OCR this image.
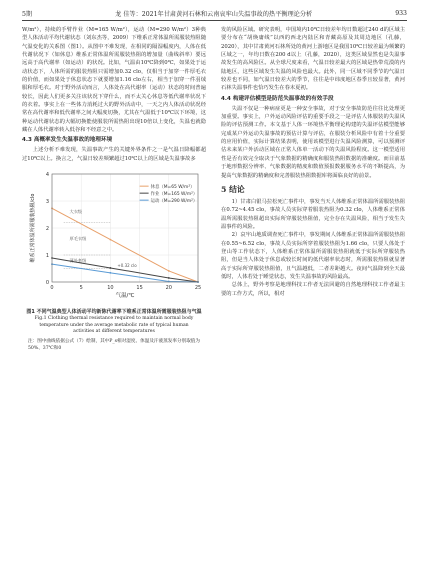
5期	龙 佳等：2021年甘肃黄河石林和云南哀牢山失温事故的热平衡理论分析	933

W/m²），持续的手臂作业（M=165 W/m²），运动（M=290 W/m²）3种典型人体活动平均代谢状态（刘东杰等，2009）下维系正常体温所需服装热阻随气温变化的关系图（图1）。从图中不难发现，在相同的隔湿幅度内，人体在低代谢状况下（如休息）维系正常体温所需服装热阻的增加量（曲线斜率）要远远高于高代谢率（如运动）的状况。比如，气温由10℃降到0℃，如果处于运动状态下，人体所需的服装热阻只需增加0.32 clo，仅相当于加穿一件厚毛衣的价值，而如果处于休息状态下就要增加1.16 clo左右，相当于加穿一件羽绒服和厚毛衣。对于野外活动而言，人体处在高代谢率（运动）状态的时间普遍较长，因此人们更多关注该状况下穿什么，而不太关心休息等低代谢率状况下的衣着。事实上在一些体力消耗过大的野外活动中，一天之内人体活动状况经常在高代谢率和低代谢率之间大幅度切换，尤其在气温低于10℃以下环境，这种运动代谢状态的大幅切换能使服装所需热阻出现10倍以上变化，失温也就隐藏在人体代谢率转入低谷和不经意之中。

4.3 高概率发生失温事故的地理环境

上述分析不难发现，失温事故产生的关键外界条件之一是气温日降幅都超过10℃以上。换言之，气温日较差频繁超过10℃以上的区域是失温事故多

大衣级
厚毛衣级
薄外套级
+0.32 clo
0	5	10	15	20	25
0
1
2
3
4
气温/℃
维系正常体温所需服装热阻/clo
休息（M=65 W/m²）
作业（M=165 W/m²）
运动（M=290 W/m²）
图1 不同气温典型人体活动平均新陈代谢率下维系正常体温所需服装热阻与气温
Fig.1 Clothing thermal resistance required to maintain normal body temperature under the average metabolic rate of typical human activities at different temperatures
注：图中曲线依据公式（7）绘制，其中P_s相对湿度、体温及汗液蒸发率分别取值为50%、37℃和0

发的风险区域。研究表明，中国境内10℃日较差年均日数超过240 d的区域主要分布在“胡焕庸线”以西的西北内陆区和青藏高原及其周边地区（孔藤，2020），其中甘肃黄河石林所处的黄河上游地区是我国10℃日较差最为频繁的区域之一，年均日数在200 d以上（孔藤，2020），这类区域显然也是失温事故发生的高风险区。从全球尺度来看，气温日较差最大的区域是热带荒漠的内陆地区，这些区域发生失温的风险也最大。此外，同一区域不同季节的气温日较差也不同，如气温日较差大的季节，往往是中纬度地区春季且较显著，黄河石林失温事件也恰巧发生在春末夏初。

4.4 构建评估模型是防范失温事故的有效手段

失温不仅是一种病症更是一种安全事故，对于安全事故防范往往比处理更加重要。事实上，户外运动风险评估的重要手段之一是评估人体服装的失温风险的评估预测工作。本文基于人体一环境热平衡理论构建的失温评估模型能够完成某户外运动失温事故的预估计算与评估，在服装分析风险中有着十分重要的应用价值，实际计算结果表明，使用该模型进行失温风险测算，可以预测评估未来某户外活动区域在正常人体单一活动下的失温风险程度。这一模型适用性是否有效完全取决于气象数据的精确度和服装热阻数据的准确度。而目前基于地形数据分辨率、气象数据的精度和数值预报数据服务水平的不断提高，为提高气象数据的精确度和完善服装热阻数据库将面临良好的前景。

5 结论

1）甘肃白银马拉松死亡事件中，事发当天人体维系正常体温所需服装热阻在0.72~4.45 clo，事故人员实际穿着服装热阻为0.32 clo，人体维系正常体温所需服装热阻超出实际所穿服装热阻值，完全存在失温风险，相当于发生失温事件的风险。

2）哀牢山地质调查死亡事件中，事发期间人体维系正常体温所需服装热阻在0.55~6.52 clo，事故人员实际所穿着服装热阻为1.66 clo，只要人体处于登山等工作状态下，人体维系正常体温所需服装热阻就低于实际所穿服装热阻，但是当人体处于休息或较长时间的低代谢率状态时，所需服装热阻就显著高于实际所穿服装热阻值，且气温越低，二者差距越大。夜间气温降到全天最低时，人体若处于睡觉状态，发生失温事故的风险最高。

总体上，野外考察是地理科技工作者无法回避的自然地理科技工作者最主要的工作方式，所以，相对
